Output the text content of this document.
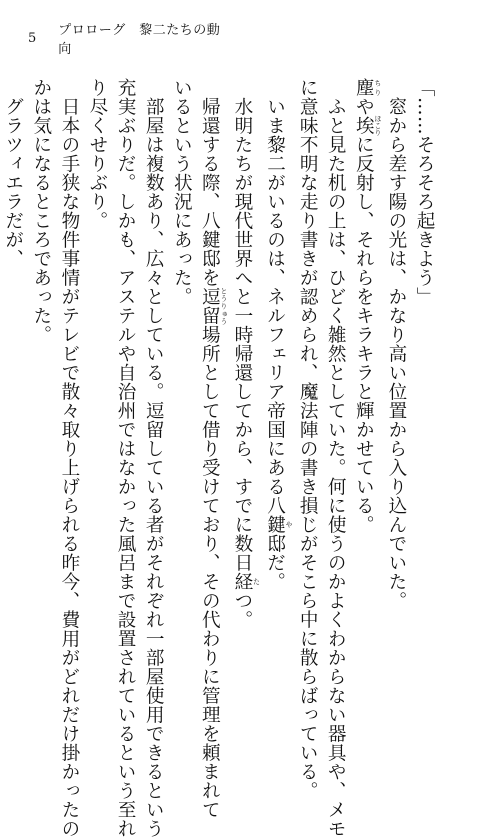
5 プロローグ　黎二たちの動向

「……そろそろ起きよう」

　窓から差す陽の光は、かなり高い位置から入り込んでいた。

塵 ちりや埃 ほこりに反射し、それらをキラキラと輝かせている。

　ふと見た机の上は、ひどく雑然としていた。何に使うのかよくわからない器具や、メモ

に意味不明な走り書きが認められ、魔法陣の書き損じがそこら中に散らばっている。

　いま黎二がいるのは、ネルフェリア帝国にある八鍵 や邸だ。

　水明たちが現代世界へと一時帰還してから、すでに数日経 たつ。

　帰還する際、八鍵邸を逗留 とうりゅう場所として借り受けており、その代わりに管理を頼まれて

いるという状況にあった。

　部屋は複数あり、広々としている。逗留している者がそれぞれ一部屋使用できるという

充実ぶりだ。しかも、アステルや自治州ではなかった風呂まで設置されているという至れ

り尽くせりぶり。

　日本の手狭な物件事情がテレビで散々取り上げられる昨今、費用がどれだけ掛かったの

かは気になるところであった。

　グラツィエラだが、
